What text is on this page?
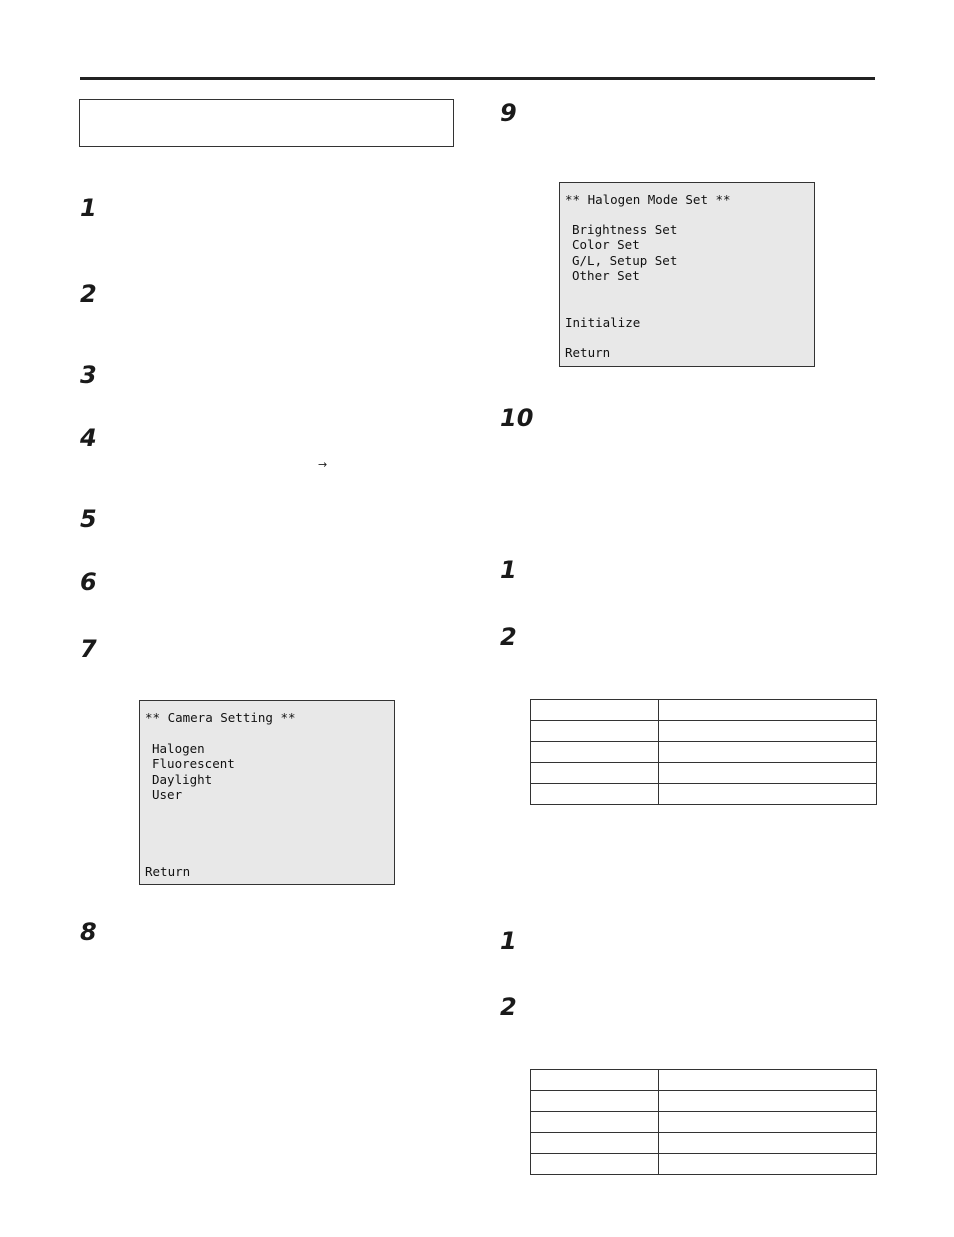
1
2
3
4
→
5
6
7
8
** Camera Setting **
Halogen
Fluorescent
Daylight
User
Return
9
10
** Halogen Mode Set **
Brightness Set
Color Set
G/L, Setup Set
Other Set
Initialize
Return
1
2

1
2
